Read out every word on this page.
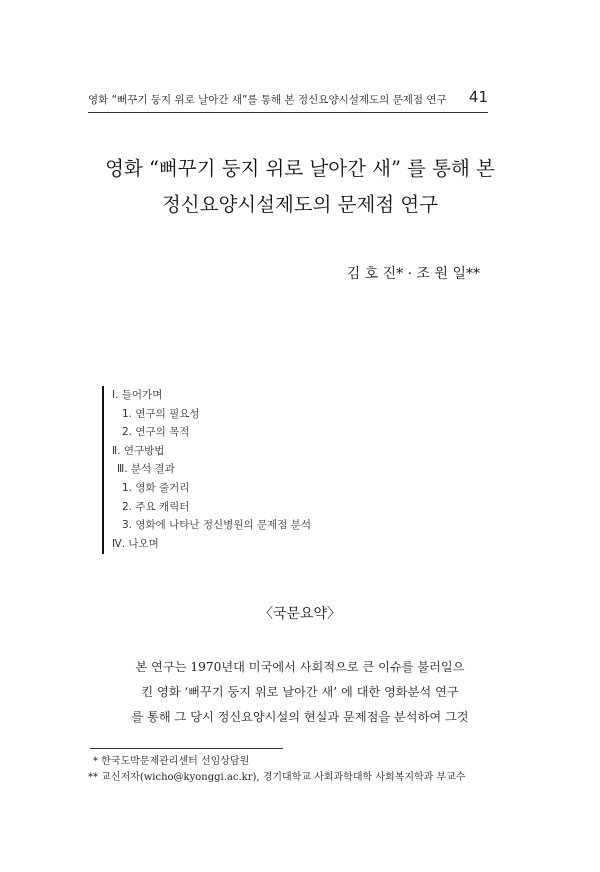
영화 “뻐꾸기 둥지 위로 날아간 새”를 통해 본 정신요양시설제도의 문제점 연구 41
영화 “뻐꾸기 둥지 위로 날아간 새” 를 통해 본
정신요양시설제도의 문제점 연구
김 호 진* · 조 원 일**
Ⅰ. 들어가며
1. 연구의 필요성
2. 연구의 목적
Ⅱ. 연구방법
Ⅲ. 분석 결과
1. 영화 줄거리
2. 주요 캐릭터
3. 영화에 나타난 정신병원의 문제점 분석
Ⅳ. 나오며
〈국문요약〉
본 연구는 1970년대 미국에서 사회적으로 큰 이슈를 불러일으
킨 영화 ‘뻐꾸기 둥지 위로 날아간 새’ 에 대한 영화분석 연구
를 통해 그 당시 정신요양시설의 현실과 문제점을 분석하여 그것
* 한국도박문제관리센터 선임상담원
** 교신저자(wicho@kyonggi.ac.kr), 경기대학교 사회과학대학 사회복지학과 부교수
